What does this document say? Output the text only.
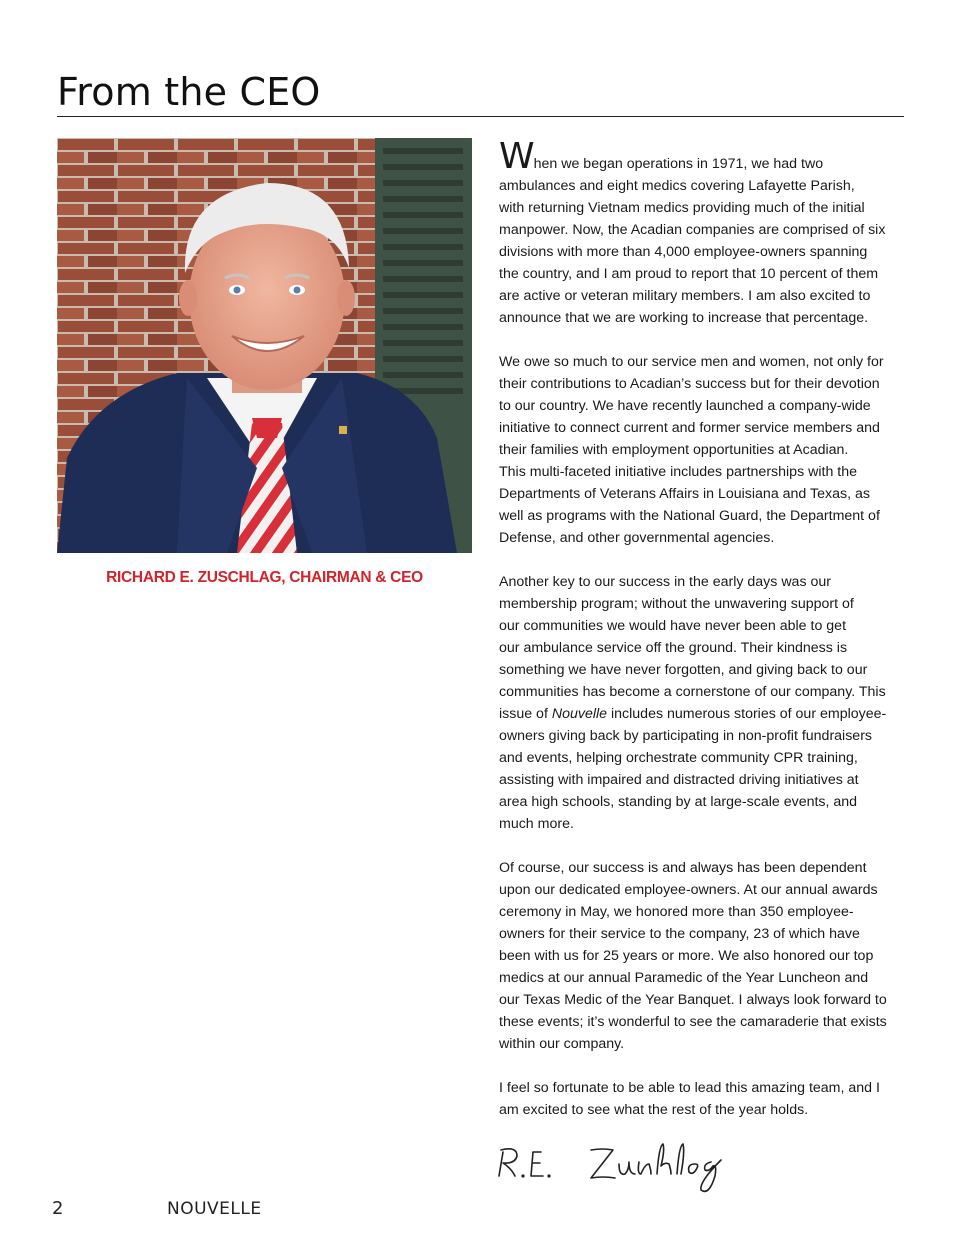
From the CEO
RICHARD E. ZUSCHLAG, CHAIRMAN & CEO

When we began operations in 1971, we had two
ambulances and eight medics covering Lafayette Parish,
with returning Vietnam medics providing much of the initial
manpower. Now, the Acadian companies are comprised of six
divisions with more than 4,000 employee-owners spanning
the country, and I am proud to report that 10 percent of them
are active or veteran military members. I am also excited to
announce that we are working to increase that percentage.

We owe so much to our service men and women, not only for
their contributions to Acadian’s success but for their devotion
to our country. We have recently launched a company-wide
initiative to connect current and former service members and
their families with employment opportunities at Acadian.
This multi-faceted initiative includes partnerships with the
Departments of Veterans Affairs in Louisiana and Texas, as
well as programs with the National Guard, the Department of
Defense, and other governmental agencies.

Another key to our success in the early days was our
membership program; without the unwavering support of
our communities we would have never been able to get
our ambulance service off the ground. Their kindness is
something we have never forgotten, and giving back to our
communities has become a cornerstone of our company. This
issue of Nouvelle includes numerous stories of our employee-
owners giving back by participating in non-profit fundraisers
and events, helping orchestrate community CPR training,
assisting with impaired and distracted driving initiatives at
area high schools, standing by at large-scale events, and
much more.

Of course, our success is and always has been dependent
upon our dedicated employee-owners. At our annual awards
ceremony in May, we honored more than 350 employee-
owners for their service to the company, 23 of which have
been with us for 25 years or more. We also honored our top
medics at our annual Paramedic of the Year Luncheon and
our Texas Medic of the Year Banquet. I always look forward to
these events; it’s wonderful to see the camaraderie that exists
within our company.

I feel so fortunate to be able to lead this amazing team, and I
am excited to see what the rest of the year holds.

2	NOUVELLE
